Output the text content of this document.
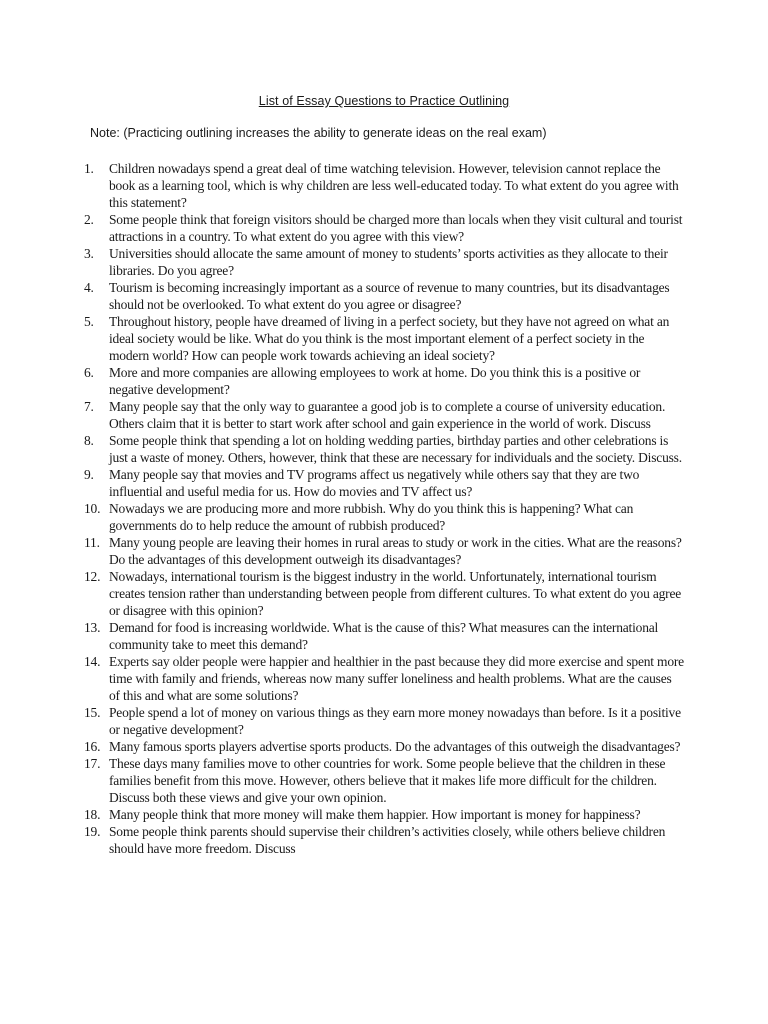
List of Essay Questions to Practice Outlining
Note: (Practicing outlining increases the ability to generate ideas on the real exam)
1.	Children nowadays spend a great deal of time watching television. However, television cannot replace the book as a learning tool, which is why children are less well-educated today. To what extent do you agree with this statement?
2.	Some people think that foreign visitors should be charged more than locals when they visit cultural and tourist attractions in a country. To what extent do you agree with this view?
3.	Universities should allocate the same amount of money to students’ sports activities as they allocate to their libraries. Do you agree?
4.	Tourism is becoming increasingly important as a source of revenue to many countries, but its disadvantages should not be overlooked. To what extent do you agree or disagree?
5.	Throughout history, people have dreamed of living in a perfect society, but they have not agreed on what an ideal society would be like. What do you think is the most important element of a perfect society in the modern world? How can people work towards achieving an ideal society?
6.	More and more companies are allowing employees to work at home. Do you think this is a positive or negative development?
7.	Many people say that the only way to guarantee a good job is to complete a course of university education. Others claim that it is better to start work after school and gain experience in the world of work. Discuss
8.	Some people think that spending a lot on holding wedding parties, birthday parties and other celebrations is just a waste of money. Others, however, think that these are necessary for individuals and the society. Discuss.
9.	Many people say that movies and TV programs affect us negatively while others say that they are two influential and useful media for us. How do movies and TV affect us?
10. Nowadays we are producing more and more rubbish. Why do you think this is happening? What can governments do to help reduce the amount of rubbish produced?
11. Many young people are leaving their homes in rural areas to study or work in the cities. What are the reasons? Do the advantages of this development outweigh its disadvantages?
12. Nowadays, international tourism is the biggest industry in the world. Unfortunately, international tourism creates tension rather than understanding between people from different cultures. To what extent do you agree or disagree with this opinion?
13. Demand for food is increasing worldwide. What is the cause of this? What measures can the international community take to meet this demand?
14. Experts say older people were happier and healthier in the past because they did more exercise and spent more time with family and friends, whereas now many suffer loneliness and health problems. What are the causes of this and what are some solutions?
15. People spend a lot of money on various things as they earn more money nowadays than before. Is it a positive or negative development?
16. Many famous sports players advertise sports products. Do the advantages of this outweigh the disadvantages?
17. These days many families move to other countries for work. Some people believe that the children in these families benefit from this move. However, others believe that it makes life more difficult for the children. Discuss both these views and give your own opinion.
18. Many people think that more money will make them happier. How important is money for happiness?
19. Some people think parents should supervise their children’s activities closely, while others believe children should have more freedom. Discuss
